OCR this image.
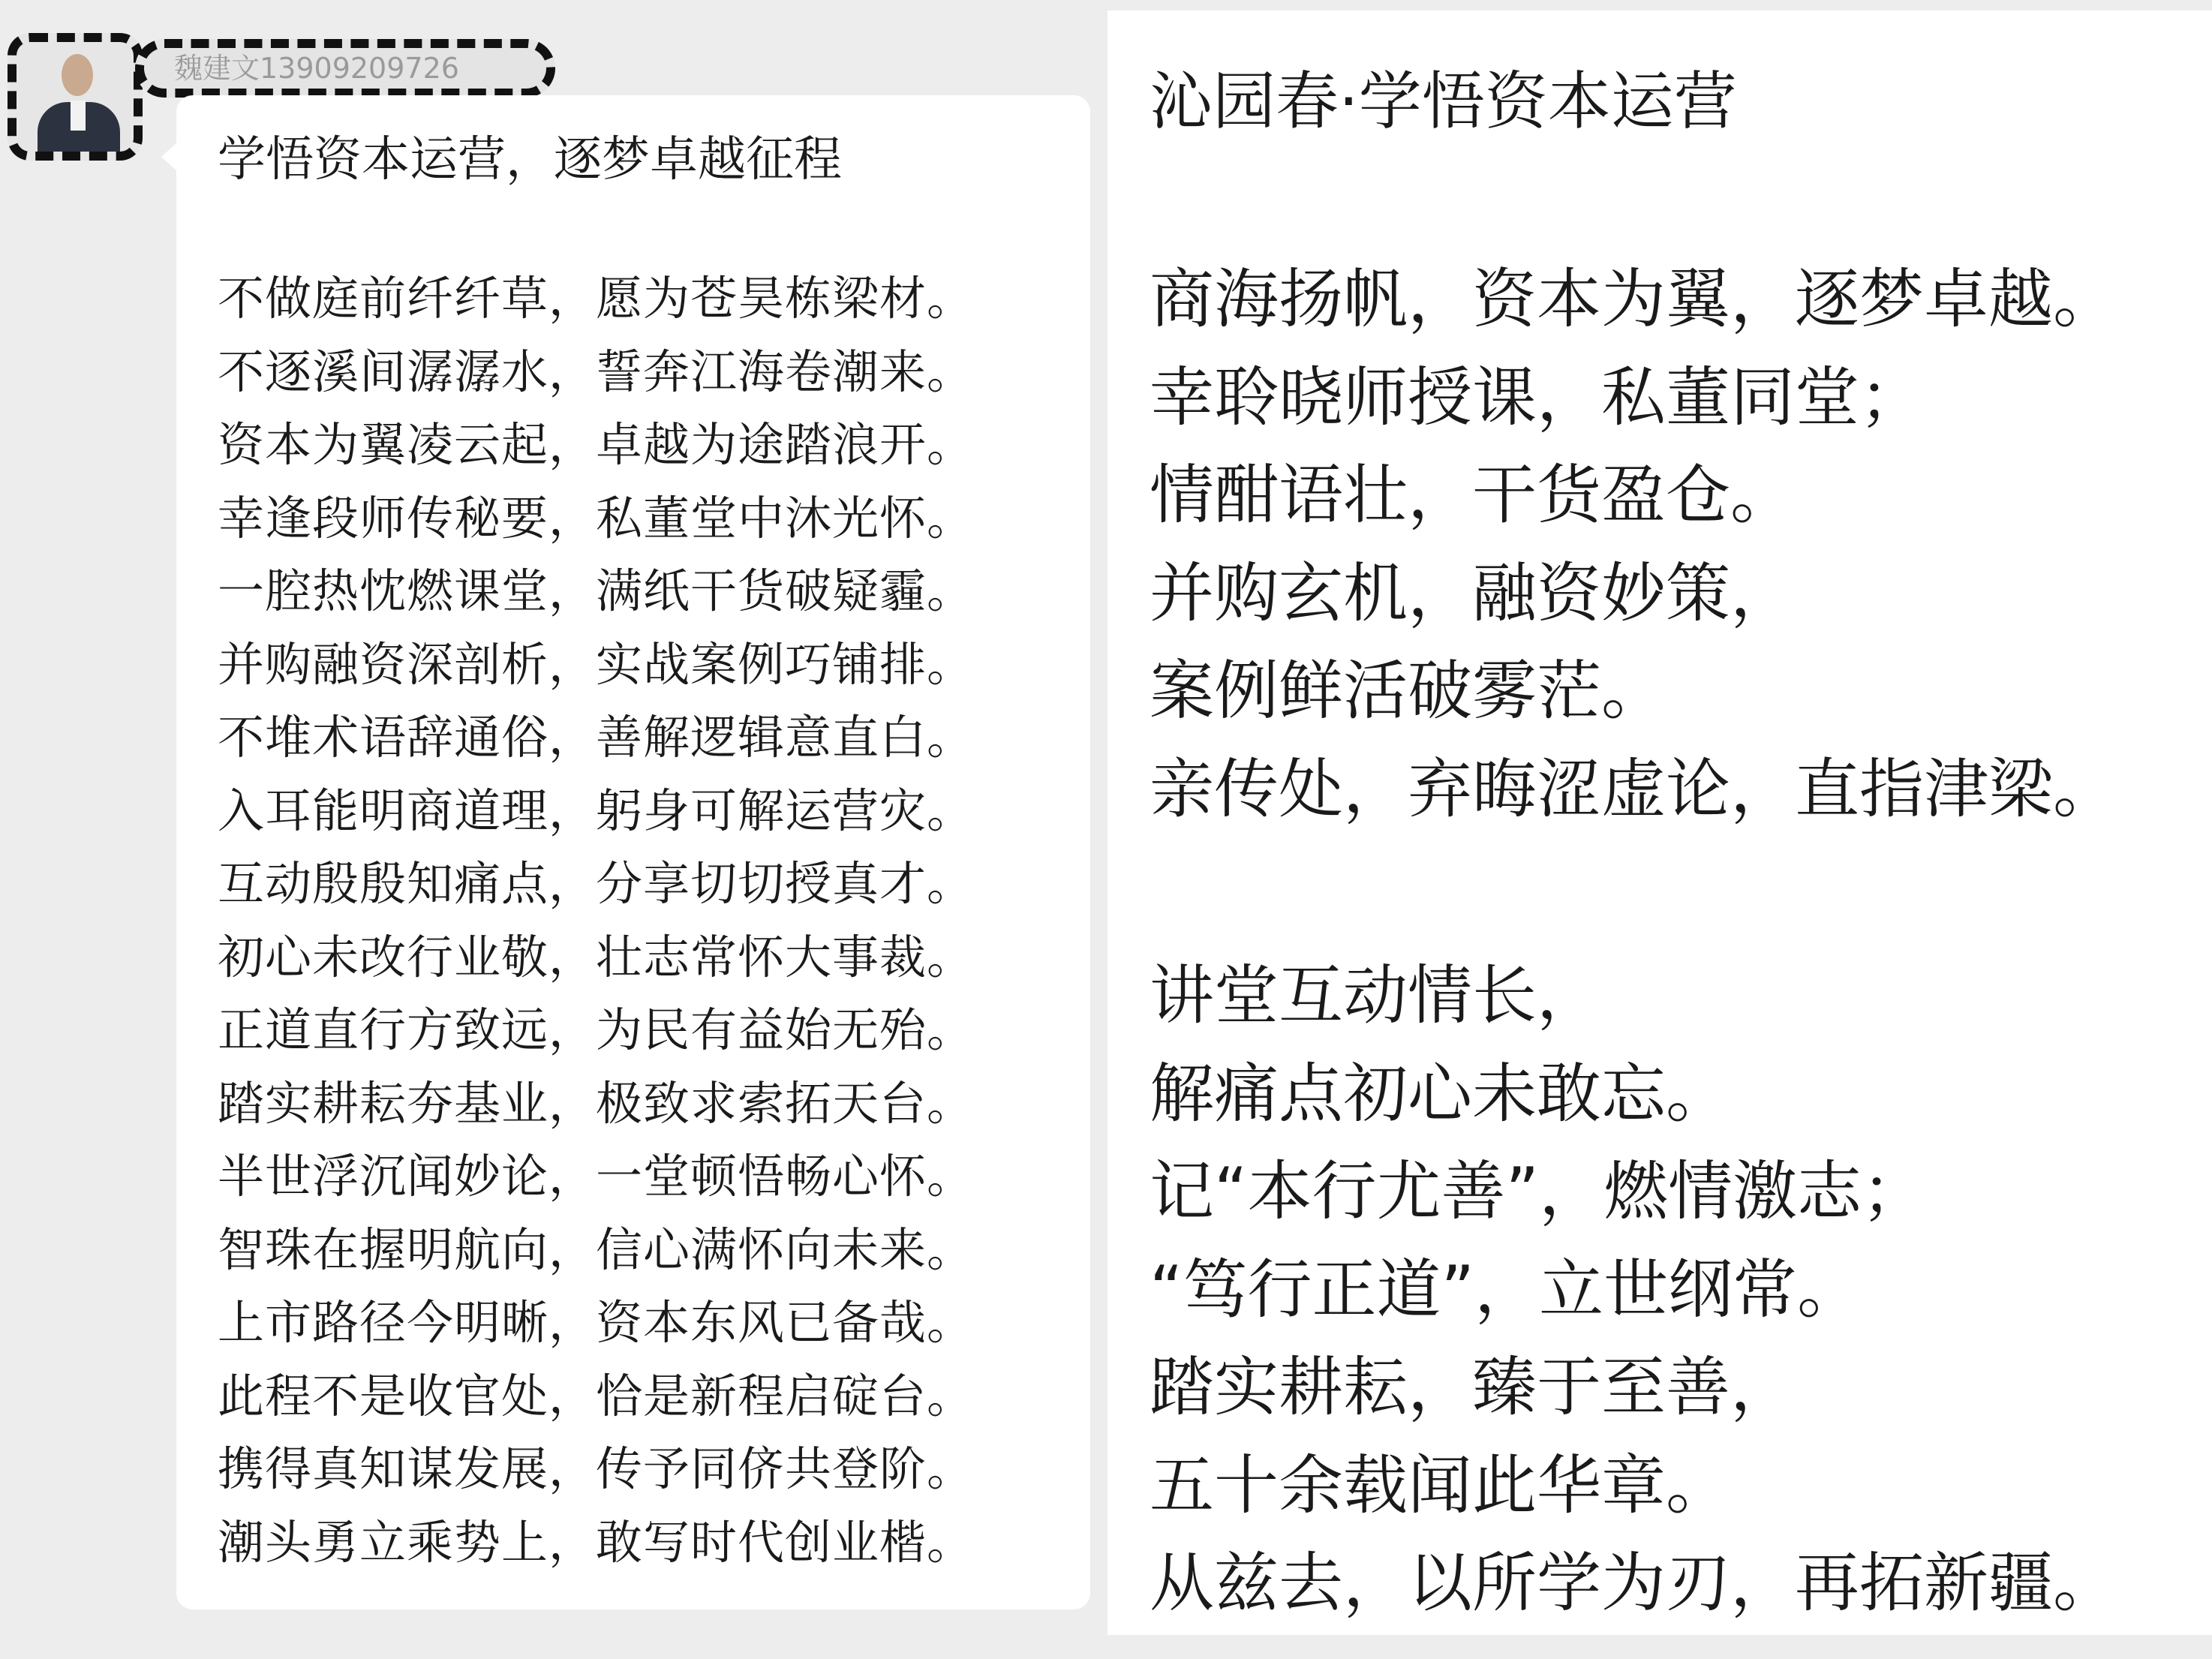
魏建文13909209726
学悟资本运营，逐梦卓越征程
不做庭前纤纤草，愿为苍昊栋梁材。
不逐溪间潺潺水，誓奔江海卷潮来。
资本为翼凌云起，卓越为途踏浪开。
幸逢段师传秘要，私董堂中沐光怀。
一腔热忱燃课堂，满纸干货破疑霾。
并购融资深剖析，实战案例巧铺排。
不堆术语辞通俗，善解逻辑意直白。
入耳能明商道理，躬身可解运营灾。
互动殷殷知痛点，分享切切授真才。
初心未改行业敬，壮志常怀大事裁。
正道直行方致远，为民有益始无殆。
踏实耕耘夯基业，极致求索拓天台。
半世浮沉闻妙论，一堂顿悟畅心怀。
智珠在握明航向，信心满怀向未来。
上市路径今明晰，资本东风已备哉。
此程不是收官处，恰是新程启碇台。
携得真知谋发展，传予同侪共登阶。
潮头勇立乘势上，敢写时代创业楷。
沁园春·学悟资本运营
商海扬帆，资本为翼，逐梦卓越。
幸聆晓师授课，私董同堂；
情酣语壮，干货盈仓。
并购玄机，融资妙策，
案例鲜活破雾茫。
亲传处，弃晦涩虚论，直指津梁。
讲堂互动情长，
解痛点初心未敢忘。
记“本行尤善”，燃情激志；
“笃行正道”，立世纲常。
踏实耕耘，臻于至善，
五十余载闻此华章。
从兹去，以所学为刃，再拓新疆。
